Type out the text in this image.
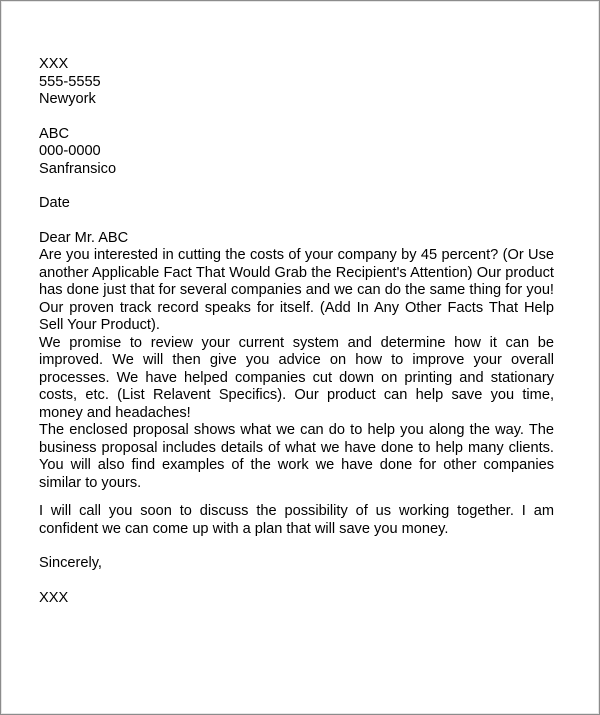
XXX
555-5555
Newyork
ABC
000-0000
Sanfransico
Date
Dear Mr. ABC

Are you interested in cutting the costs of your company by 45 percent? (Or Use another Applicable Fact That Would Grab the Recipient's Attention) Our product has done just that for several companies and we can do the same thing for you! Our proven track record speaks for itself. (Add In Any Other Facts That Help Sell Your Product).

We promise to review your current system and determine how it can be improved. We will then give you advice on how to improve your overall processes. We have helped companies cut down on printing and stationary costs, etc. (List Relavent Specifics). Our product can help save you time, money and headaches!

The enclosed proposal shows what we can do to help you along the way. The business proposal includes details of what we have done to help many clients. You will also find examples of the work we have done for other companies similar to yours.

I will call you soon to discuss the possibility of us working together. I am confident we can come up with a plan that will save you money.

Sincerely,
XXX
